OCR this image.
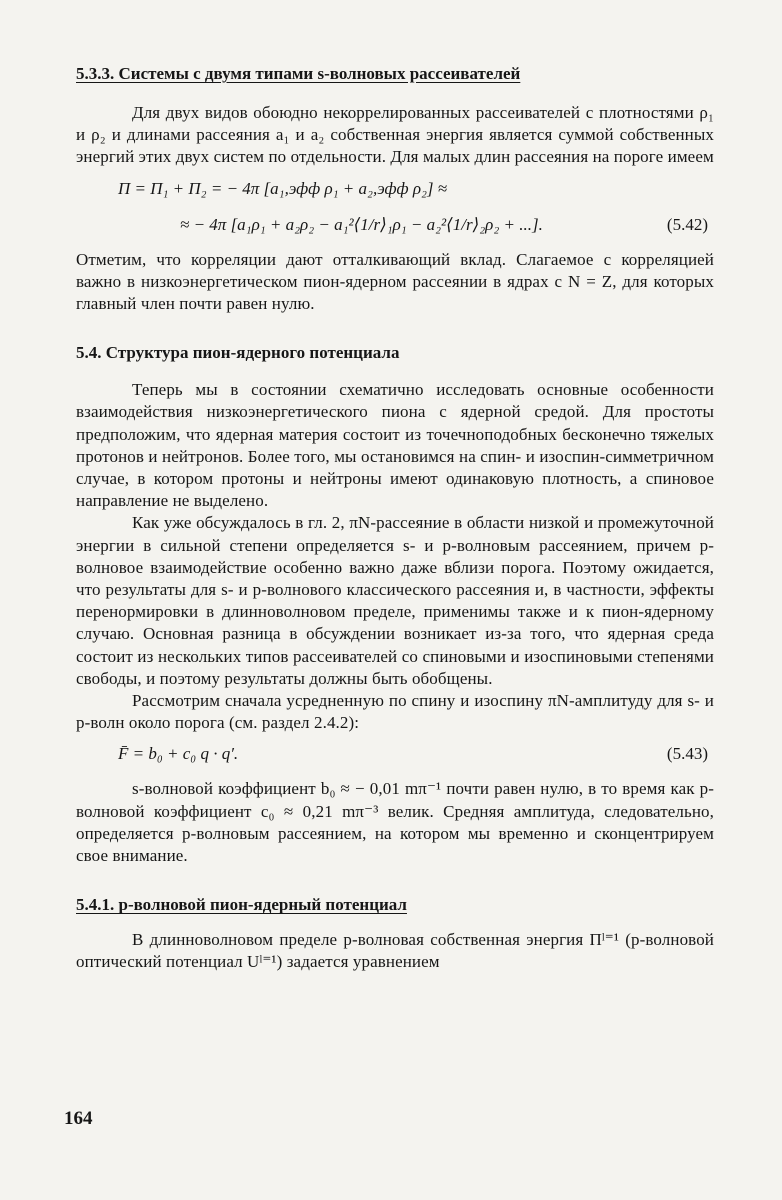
5.3.3. Системы с двумя типами s-волновых рассеивателей

Для двух видов обоюдно некоррелированных рассеивателей с плотностями ρ₁ и ρ₂ и длинами рассеяния a₁ и a₂ собственная энергия является суммой собственных энергий этих двух систем по отдельности. Для малых длин рассеяния на пороге имеем

Π = Π₁ + Π₂ = − 4π [a₁,эфф ρ₁ + a₂,эфф ρ₂] ≈
≈ − 4π [a₁ρ₁ + a₂ρ₂ − a₁²⟨1/r⟩₁ρ₁ − a₂²⟨1/r⟩₂ρ₂ + ...].	(5.42)

Отметим, что корреляции дают отталкивающий вклад. Слагаемое с корреляцией важно в низкоэнергетическом пион-ядерном рассеянии в ядрах с N = Z, для которых главный член почти равен нулю.

5.4. Структура пион-ядерного потенциала

Теперь мы в состоянии схематично исследовать основные особенности взаимодействия низкоэнергетического пиона с ядерной средой. Для простоты предположим, что ядерная материя состоит из точечноподобных бесконечно тяжелых протонов и нейтронов. Более того, мы остановимся на спин- и изоспин-симметричном случае, в котором протоны и нейтроны имеют одинаковую плотность, а спиновое направление не выделено.

Как уже обсуждалось в гл. 2, πN-рассеяние в области низкой и промежуточной энергии в сильной степени определяется s- и p-волновым рассеянием, причем p-волновое взаимодействие особенно важно даже вблизи порога. Поэтому ожидается, что результаты для s- и p-волнового классического рассеяния и, в частности, эффекты перенормировки в длинноволновом пределе, применимы также и к пион-ядерному случаю. Основная разница в обсуждении возникает из-за того, что ядерная среда состоит из нескольких типов рассеивателей со спиновыми и изоспиновыми степенями свободы, и поэтому результаты должны быть обобщены.

Рассмотрим сначала усредненную по спину и изоспину πN-амплитуду для s- и p-волн около порога (см. раздел 2.4.2):

F̄ = b₀ + c₀ q · q′.	(5.43)

s-волновой коэффициент b₀ ≈ − 0,01 mπ⁻¹ почти равен нулю, в то время как p-волновой коэффициент c₀ ≈ 0,21 mπ⁻³ велик. Средняя амплитуда, следовательно, определяется p-волновым рассеянием, на котором мы временно и сконцентрируем свое внимание.

5.4.1. p-волновой пион-ядерный потенциал

В длинноволновом пределе p-волновая собственная энергия Πˡ⁼¹ (p-волновой оптический потенциал Uˡ⁼¹) задается уравнением

164
